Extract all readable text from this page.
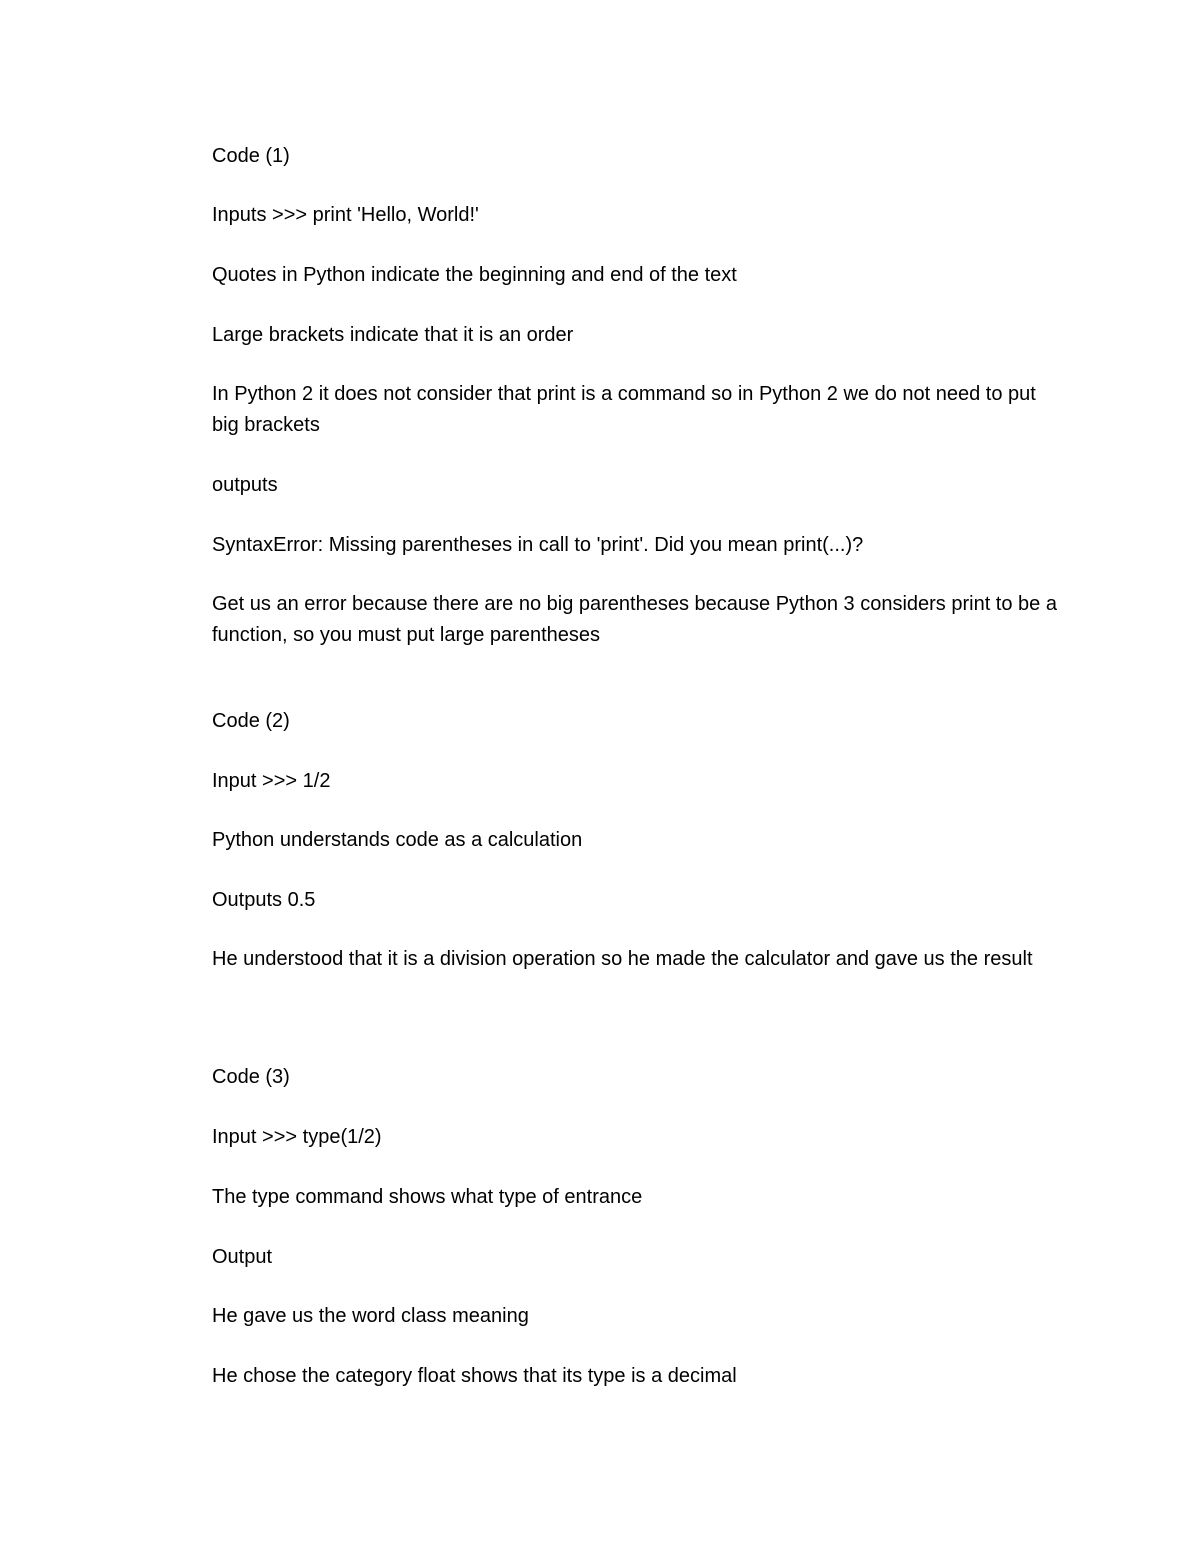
Code (1)

Inputs >>> print 'Hello, World!'

Quotes in Python indicate the beginning and end of the text

Large brackets indicate that it is an order

In Python 2 it does not consider that print is a command so in Python 2 we do not need to put big brackets

outputs

SyntaxError: Missing parentheses in call to 'print'. Did you mean print(...)?

Get us an error because there are no big parentheses because Python 3 considers print to be a function, so you must put large parentheses

Code (2)

Input >>> 1/2

Python understands code as a calculation

Outputs 0.5

He understood that it is a division operation so he made the calculator and gave us the result

Code (3)

Input >>> type(1/2)

The type command shows what type of entrance

Output

He gave us the word class meaning

He chose the category float shows that its type is a decimal
